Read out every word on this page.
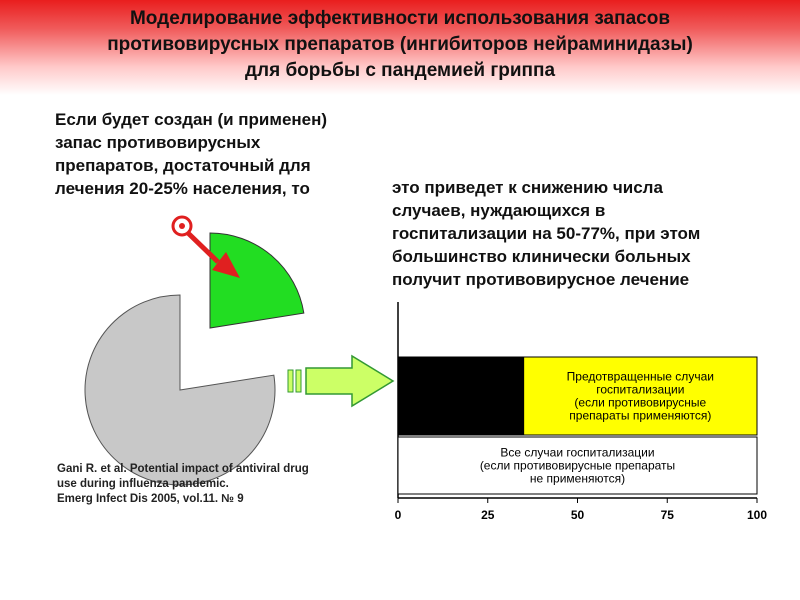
Моделирование эффективности использования запасов
противовирусных препаратов (ингибиторов нейраминидазы)
для борьбы с пандемией гриппа
Если будет создан (и применен)
запас противовирусных
препаратов, достаточный для
лечения 20-25% населения, то	это приведет к снижению числа
случаев, нуждающихся в
госпитализации на 50-77%, при этом
большинство клинически больных
получит противовирусное лечение
Предотвращенные случаи
госпитализации
(если противовирусные
препараты применяются)
Все случаи госпитализации
(если противовирусные препараты
не применяются)
0	25	50	75	100
Gani R. et al. Potential impact of antiviral drug
use during influenza pandemic.
Emerg Infect Dis 2005, vol.11. № 9
